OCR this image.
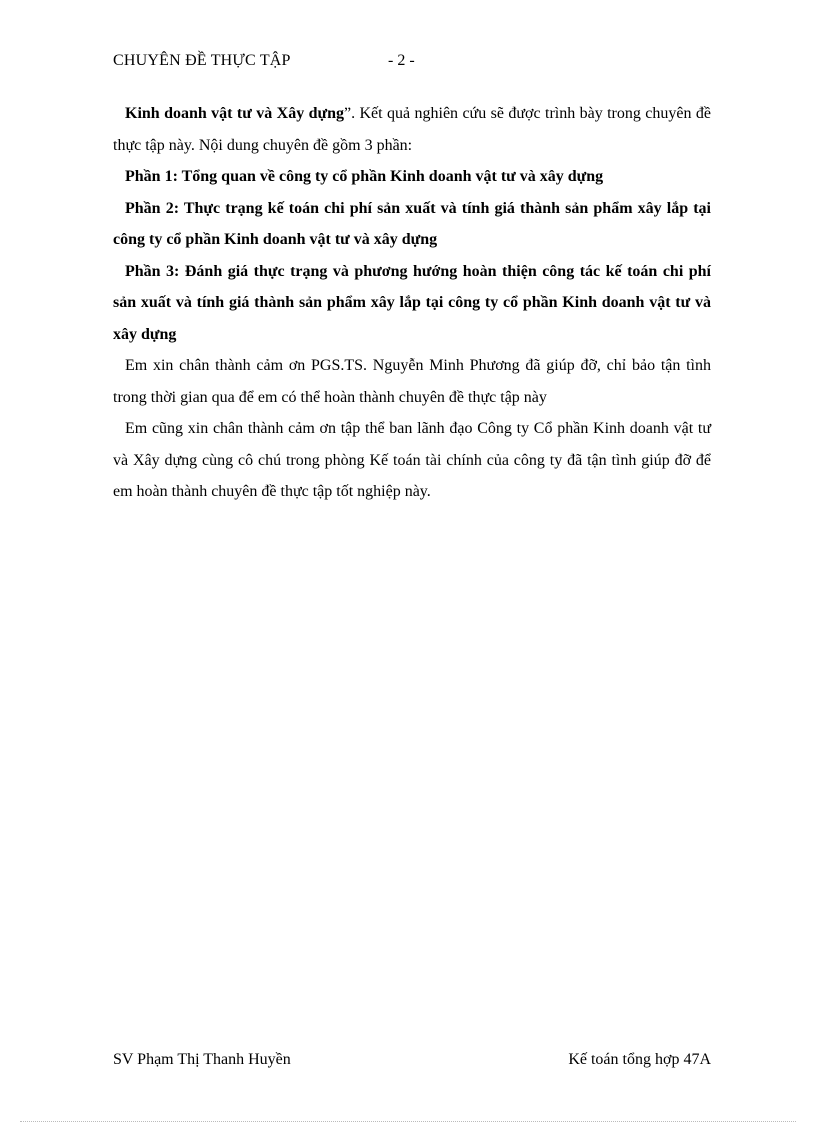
CHUYÊN ĐỀ THỰC TẬP	- 2 -

Kinh doanh vật tư và Xây dựng”. Kết quả nghiên cứu sẽ được trình bày trong chuyên đề thực tập này. Nội dung chuyên đề gồm 3 phần:

Phần 1: Tổng quan về công ty cổ phần Kinh doanh vật tư và xây dựng

Phần 2: Thực trạng kế toán chi phí sản xuất và tính giá thành sản phẩm xây lắp tại công ty cổ phần Kinh doanh vật tư và xây dựng

Phần 3: Đánh giá thực trạng và phương hướng hoàn thiện công tác kế toán chi phí sản xuất và tính giá thành sản phẩm xây lắp tại công ty cổ phần Kinh doanh vật tư và xây dựng

Em xin chân thành cảm ơn PGS.TS. Nguyễn Minh Phương đã giúp đỡ, chỉ bảo tận tình trong thời gian qua để em có thể hoàn thành chuyên đề thực tập này

Em cũng xin chân thành cảm ơn tập thể ban lãnh đạo Công ty Cổ phần Kinh doanh vật tư và Xây dựng cùng cô chú trong phòng Kế toán tài chính của công ty đã tận tình giúp đỡ để em hoàn thành chuyên đề thực tập tốt nghiệp này.

SV Phạm Thị Thanh Huyền	Kế toán tổng hợp 47A
